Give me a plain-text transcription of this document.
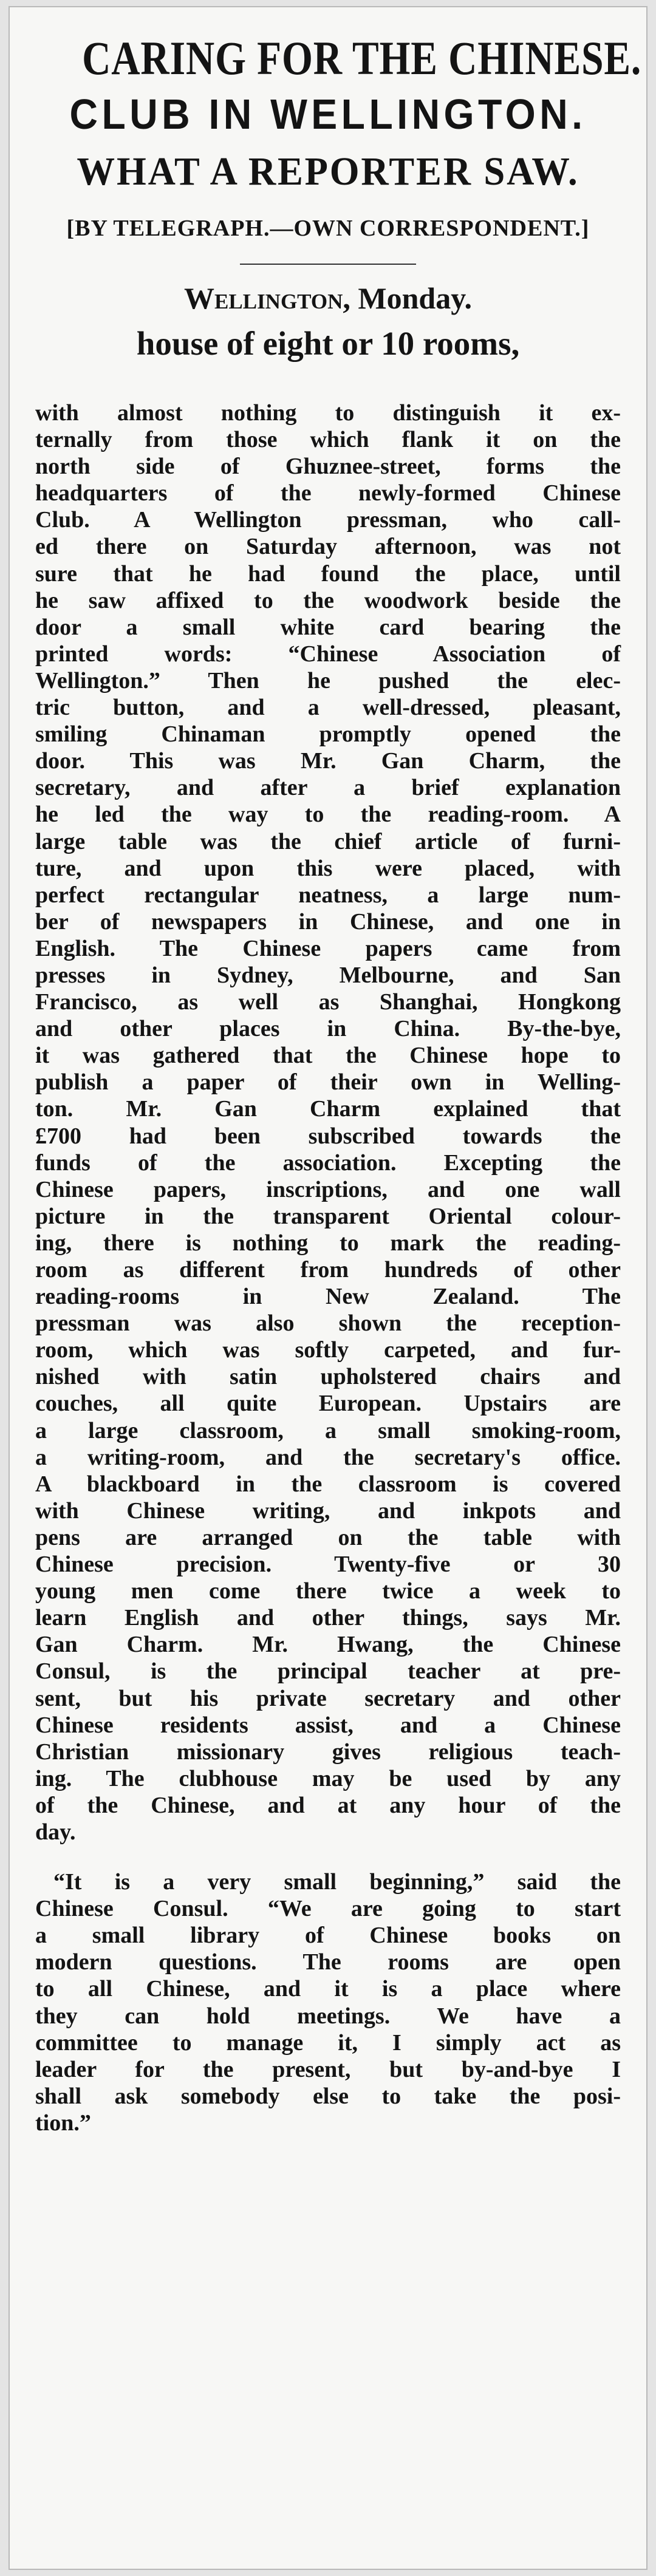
CARING FOR THE CHINESE.
CLUB IN WELLINGTON.
WHAT A REPORTER SAW.
[BY TELEGRAPH.—OWN CORRESPONDENT.]
Wellington, Monday.
house of eight or 10 rooms,
with almost nothing to distinguish it ex-
ternally from those which flank it on the
north side of Ghuznee-street, forms the
headquarters of the newly-formed Chinese
Club. A Wellington pressman, who call-
ed there on Saturday afternoon, was not
sure that he had found the place, until
he saw affixed to the woodwork beside the
door a small white card bearing the
printed words: “Chinese Association of
Wellington.” Then he pushed the elec-
tric button, and a well-dressed, pleasant,
smiling Chinaman promptly opened the
door. This was Mr. Gan Charm, the
secretary, and after a brief explanation
he led the way to the reading-room. A
large table was the chief article of furni-
ture, and upon this were placed, with
perfect rectangular neatness, a large num-
ber of newspapers in Chinese, and one in
English. The Chinese papers came from
presses in Sydney, Melbourne, and San
Francisco, as well as Shanghai, Hongkong
and other places in China. By-the-bye,
it was gathered that the Chinese hope to
publish a paper of their own in Welling-
ton. Mr. Gan Charm explained that
£700 had been subscribed towards the
funds of the association. Excepting the
Chinese papers, inscriptions, and one wall
picture in the transparent Oriental colour-
ing, there is nothing to mark the reading-
room as different from hundreds of other
reading-rooms in New Zealand. The
pressman was also shown the reception-
room, which was softly carpeted, and fur-
nished with satin upholstered chairs and
couches, all quite European. Upstairs are
a large classroom, a small smoking-room,
a writing-room, and the secretary's office.
A blackboard in the classroom is covered
with Chinese writing, and inkpots and
pens are arranged on the table with
Chinese precision. Twenty-five or 30
young men come there twice a week to
learn English and other things, says Mr.
Gan Charm. Mr. Hwang, the Chinese
Consul, is the principal teacher at pre-
sent, but his private secretary and other
Chinese residents assist, and a Chinese
Christian missionary gives religious teach-
ing. The clubhouse may be used by any
of the Chinese, and at any hour of the
day.
“It is a very small beginning,” said the
Chinese Consul. “We are going to start
a small library of Chinese books on
modern questions. The rooms are open
to all Chinese, and it is a place where
they can hold meetings. We have a
committee to manage it, I simply act as
leader for the present, but by-and-bye I
shall ask somebody else to take the posi-
tion.”
